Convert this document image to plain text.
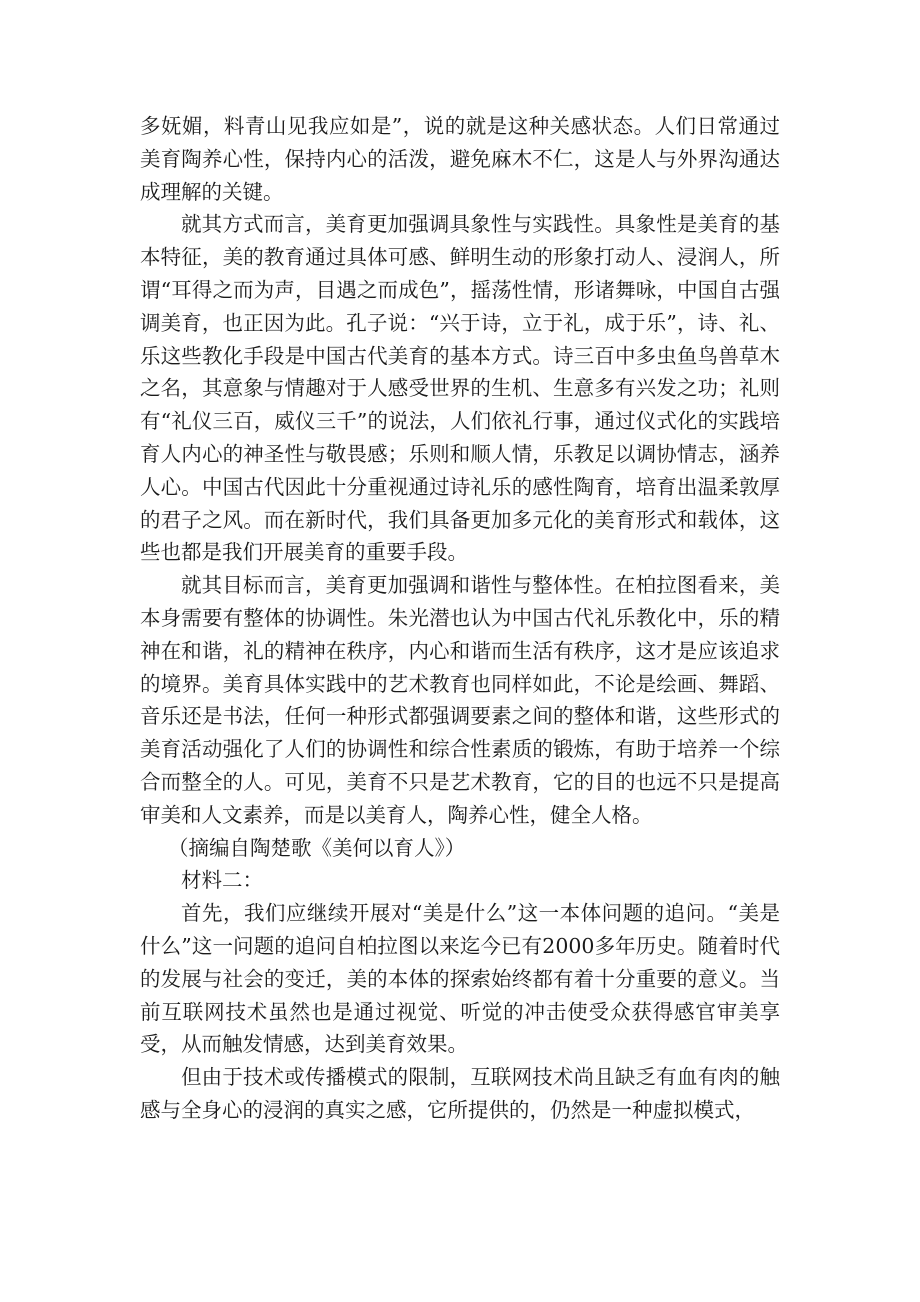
多妩媚，料青山见我应如是”，说的就是这种关感状态。人们日常通过美育陶养心性，保持内心的活泼，避免麻木不仁，这是人与外界沟通达成理解的关键。

就其方式而言，美育更加强调具象性与实践性。具象性是美育的基本特征，美的教育通过具体可感、鲜明生动的形象打动人、浸润人，所谓“耳得之而为声，目遇之而成色”，摇荡性情，形诸舞咏，中国自古强调美育，也正因为此。孔子说：“兴于诗，立于礼，成于乐”，诗、礼、乐这些教化手段是中国古代美育的基本方式。诗三百中多虫鱼鸟兽草木之名，其意象与情趣对于人感受世界的生机、生意多有兴发之功；礼则有“礼仪三百，威仪三千”的说法，人们依礼行事，通过仪式化的实践培育人内心的神圣性与敬畏感；乐则和顺人情，乐教足以调协情志，涵养人心。中国古代因此十分重视通过诗礼乐的感性陶育，培育出温柔敦厚的君子之风。而在新时代，我们具备更加多元化的美育形式和载体，这些也都是我们开展美育的重要手段。

就其目标而言，美育更加强调和谐性与整体性。在柏拉图看来，美本身需要有整体的协调性。朱光潜也认为中国古代礼乐教化中，乐的精神在和谐，礼的精神在秩序，内心和谐而生活有秩序，这才是应该追求的境界。美育具体实践中的艺术教育也同样如此，不论是绘画、舞蹈、音乐还是书法，任何一种形式都强调要素之间的整体和谐，这些形式的美育活动强化了人们的协调性和综合性素质的锻炼，有助于培养一个综合而整全的人。可见，美育不只是艺术教育，它的目的也远不只是提高审美和人文素养，而是以美育人，陶养心性，健全人格。

（摘编自陶楚歌《美何以育人》）

材料二：

首先，我们应继续开展对“美是什么”这一本体问题的追问。“美是什么”这一问题的追问自柏拉图以来迄今已有2000多年历史。随着时代的发展与社会的变迁，美的本体的探索始终都有着十分重要的意义。当前互联网技术虽然也是通过视觉、听觉的冲击使受众获得感官审美享受，从而触发情感，达到美育效果。

但由于技术或传播模式的限制，互联网技术尚且缺乏有血有肉的触感与全身心的浸润的真实之感，它所提供的，仍然是一种虚拟模式，
